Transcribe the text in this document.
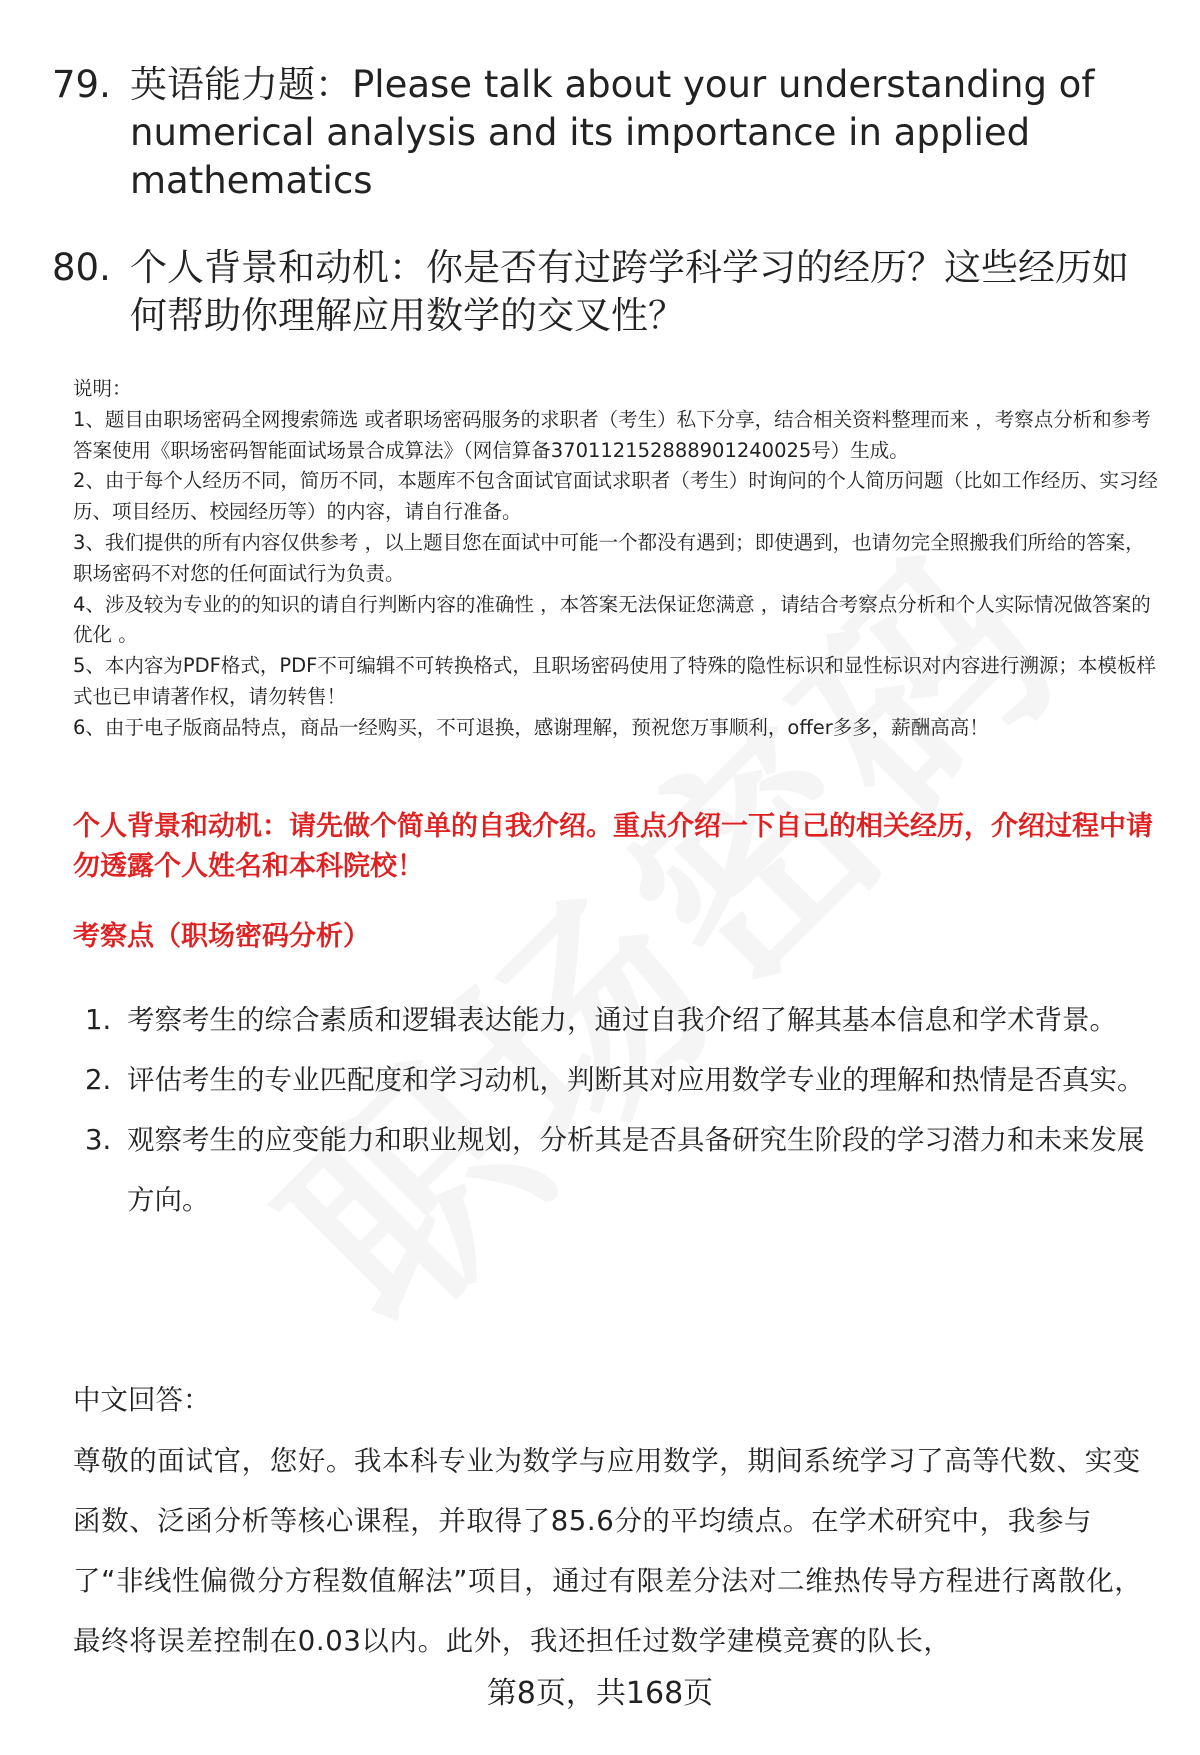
79. 英语能力题：Please talk about your understanding of numerical analysis and its importance in applied mathematics
80. 个人背景和动机：你是否有过跨学科学习的经历？这些经历如何帮助你理解应用数学的交叉性？

说明：

1、题目由职场密码全网搜索筛选 或者职场密码服务的求职者（考生）私下分享，结合相关资料整理而来 ，考察点分析和参考答案使用《职场密码智能面试场景合成算法》（网信算备370112152888901240025号）生成。

2、由于每个人经历不同，简历不同，本题库不包含面试官面试求职者（考生）时询问的个人简历问题（比如工作经历、实习经历、项目经历、校园经历等）的内容，请自行准备。

3、我们提供的所有内容仅供参考 ，以上题目您在面试中可能一个都没有遇到；即使遇到，也请勿完全照搬我们所给的答案，职场密码不对您的任何面试行为负责。

4、涉及较为专业的的知识的请自行判断内容的准确性 ，本答案无法保证您满意 ，请结合考察点分析和个人实际情况做答案的优化 。

5、本内容为PDF格式，PDF不可编辑不可转换格式，且职场密码使用了特殊的隐性标识和显性标识对内容进行溯源；本模板样式也已申请著作权，请勿转售！

6、由于电子版商品特点，商品一经购买，不可退换，感谢理解，预祝您万事顺利，offer多多，薪酬高高！

个人背景和动机：请先做个简单的自我介绍。重点介绍一下自己的相关经历，介绍过程中请勿透露个人姓名和本科院校！
考察点（职场密码分析）
1. 考察考生的综合素质和逻辑表达能力，通过自我介绍了解其基本信息和学术背景。
2. 评估考生的专业匹配度和学习动机，判断其对应用数学专业的理解和热情是否真实。
3. 观察考生的应变能力和职业规划，分析其是否具备研究生阶段的学习潜力和未来发展方向。
中文回答：
尊敬的面试官，您好。我本科专业为数学与应用数学，期间系统学习了高等代数、实变函数、泛函分析等核心课程，并取得了85.6分的平均绩点。在学术研究中，我参与了“非线性偏微分方程数值解法”项目，通过有限差分法对二维热传导方程进行离散化，最终将误差控制在0.03以内。此外，我还担任过数学建模竞赛的队长，
第8页，共168页
